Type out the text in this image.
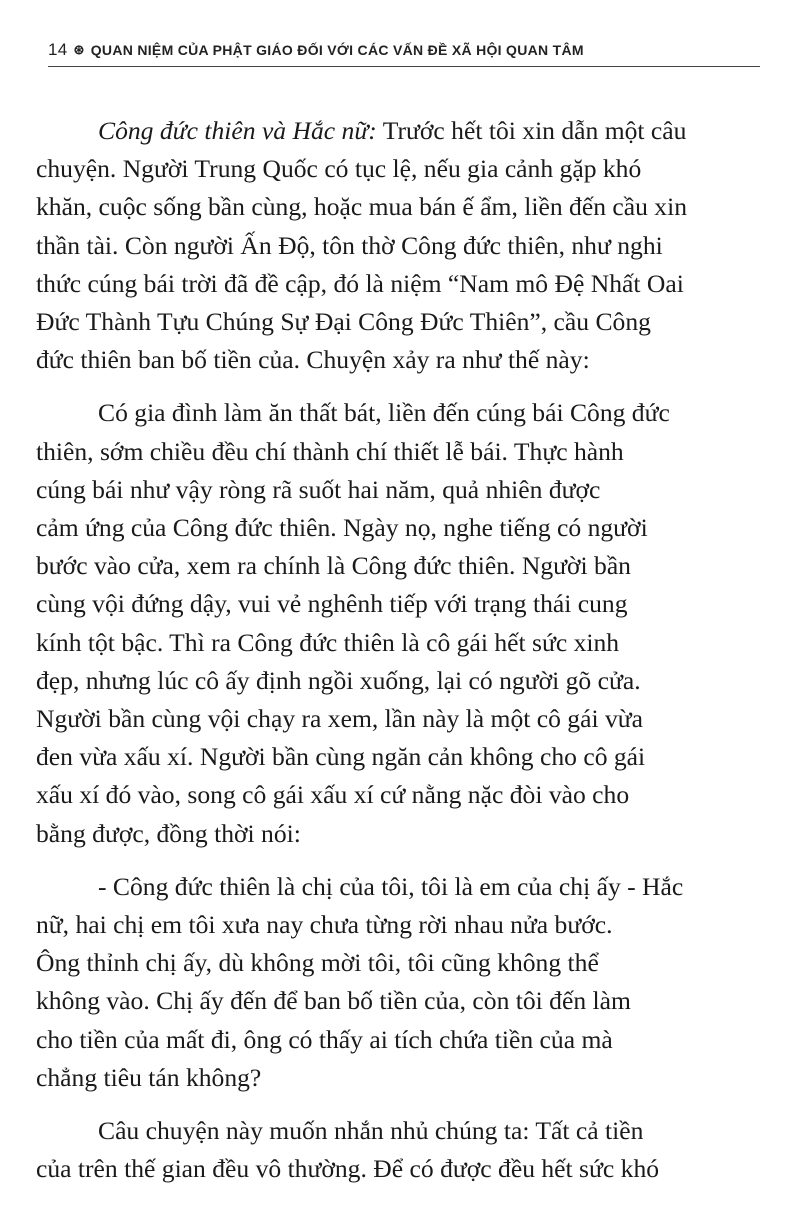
14 ⊛ QUAN NIỆM CỦA PHẬT GIÁO ĐỐI VỚI CÁC VẤN ĐỀ XÃ HỘI QUAN TÂM

Công đức thiên và Hắc nữ: Trước hết tôi xin dẫn một câu
chuyện. Người Trung Quốc có tục lệ, nếu gia cảnh gặp khó
khăn, cuộc sống bần cùng, hoặc mua bán ế ẩm, liền đến cầu xin
thần tài. Còn người Ấn Độ, tôn thờ Công đức thiên, như nghi
thức cúng bái trời đã đề cập, đó là niệm “Nam mô Đệ Nhất Oai
Đức Thành Tựu Chúng Sự Đại Công Đức Thiên”, cầu Công
đức thiên ban bố tiền của. Chuyện xảy ra như thế này:

Có gia đình làm ăn thất bát, liền đến cúng bái Công đức
thiên, sớm chiều đều chí thành chí thiết lễ bái. Thực hành
cúng bái như vậy ròng rã suốt hai năm, quả nhiên được
cảm ứng của Công đức thiên. Ngày nọ, nghe tiếng có người
bước vào cửa, xem ra chính là Công đức thiên. Người bần
cùng vội đứng dậy, vui vẻ nghênh tiếp với trạng thái cung
kính tột bậc. Thì ra Công đức thiên là cô gái hết sức xinh
đẹp, nhưng lúc cô ấy định ngồi xuống, lại có người gõ cửa.
Người bần cùng vội chạy ra xem, lần này là một cô gái vừa
đen vừa xấu xí. Người bần cùng ngăn cản không cho cô gái
xấu xí đó vào, song cô gái xấu xí cứ nằng nặc đòi vào cho
bằng được, đồng thời nói:

- Công đức thiên là chị của tôi, tôi là em của chị ấy - Hắc
nữ, hai chị em tôi xưa nay chưa từng rời nhau nửa bước.
Ông thỉnh chị ấy, dù không mời tôi, tôi cũng không thể
không vào. Chị ấy đến để ban bố tiền của, còn tôi đến làm
cho tiền của mất đi, ông có thấy ai tích chứa tiền của mà
chẳng tiêu tán không?

Câu chuyện này muốn nhắn nhủ chúng ta: Tất cả tiền
của trên thế gian đều vô thường. Để có được đều hết sức khó
